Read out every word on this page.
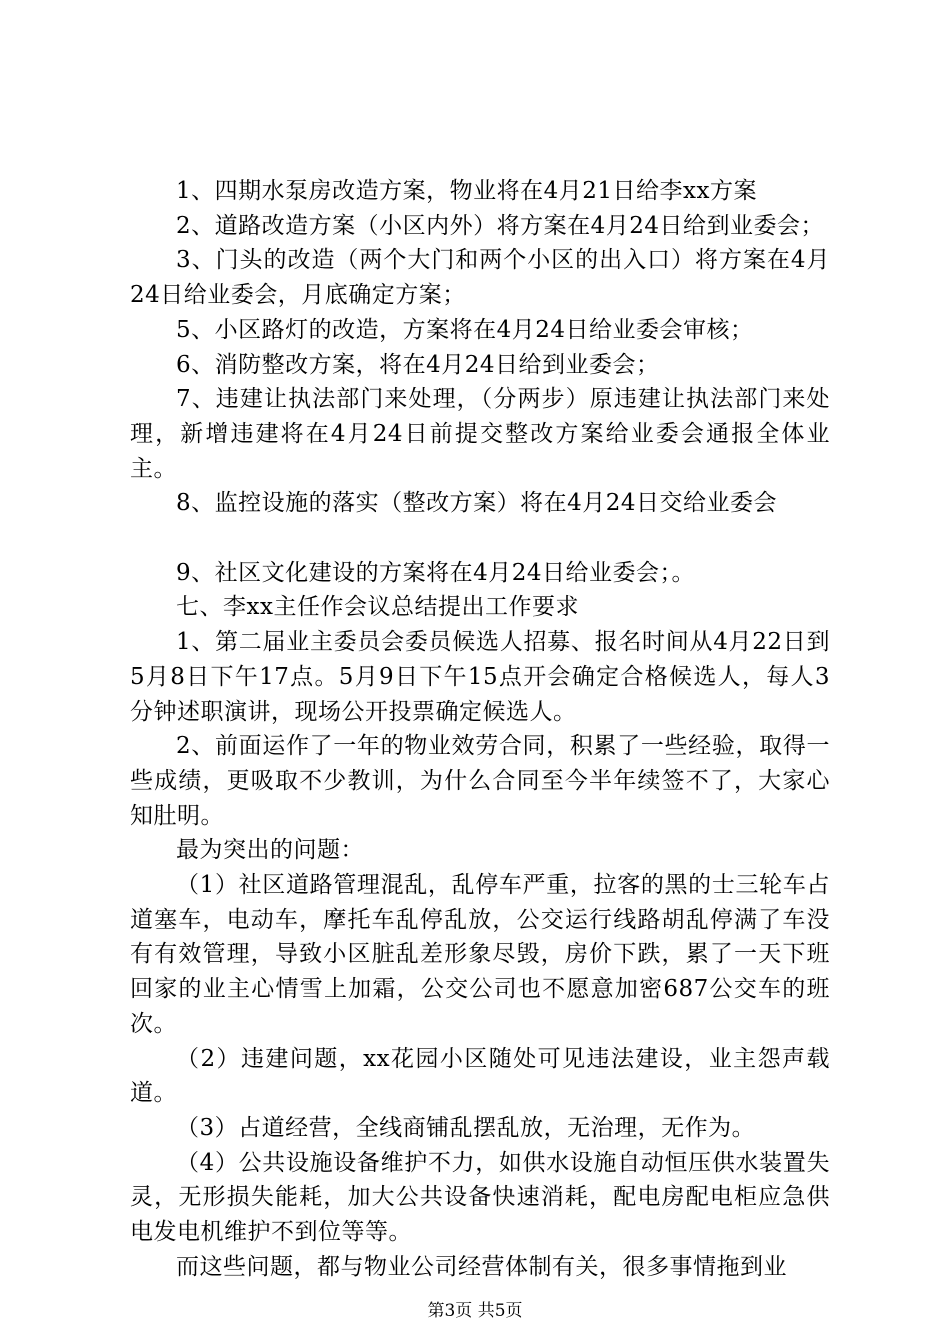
1、四期水泵房改造方案，物业将在4月21日给李xx方案

2、道路改造方案（小区内外）将方案在4月24日给到业委会；

3、门头的改造（两个大门和两个小区的出入口）将方案在4月24日给业委会，月底确定方案；

5、小区路灯的改造，方案将在4月24日给业委会审核；

6、消防整改方案，将在4月24日给到业委会；

7、违建让执法部门来处理，（分两步）原违建让执法部门来处理，新增违建将在4月24日前提交整改方案给业委会通报全体业主。

8、监控设施的落实（整改方案）将在4月24日交给业委会

9、社区文化建设的方案将在4月24日给业委会；。

七、李xx主任作会议总结提出工作要求

1、第二届业主委员会委员候选人招募、报名时间从4月22日到5月8日下午17点。5月9日下午15点开会确定合格候选人，每人3分钟述职演讲，现场公开投票确定候选人。

2、前面运作了一年的物业效劳合同，积累了一些经验，取得一些成绩，更吸取不少教训，为什么合同至今半年续签不了，大家心知肚明。

最为突出的问题：

（1）社区道路管理混乱，乱停车严重，拉客的黑的士三轮车占道塞车，电动车，摩托车乱停乱放，公交运行线路胡乱停满了车没有有效管理，导致小区脏乱差形象尽毁，房价下跌，累了一天下班回家的业主心情雪上加霜，公交公司也不愿意加密687公交车的班次。

（2）违建问题，xx花园小区随处可见违法建设，业主怨声载道。

（3）占道经营，全线商铺乱摆乱放，无治理，无作为。

（4）公共设施设备维护不力，如供水设施自动恒压供水装置失灵，无形损失能耗，加大公共设备快速消耗，配电房配电柜应急供电发电机维护不到位等等。

而这些问题，都与物业公司经营体制有关，很多事情拖到业

第3页 共5页
